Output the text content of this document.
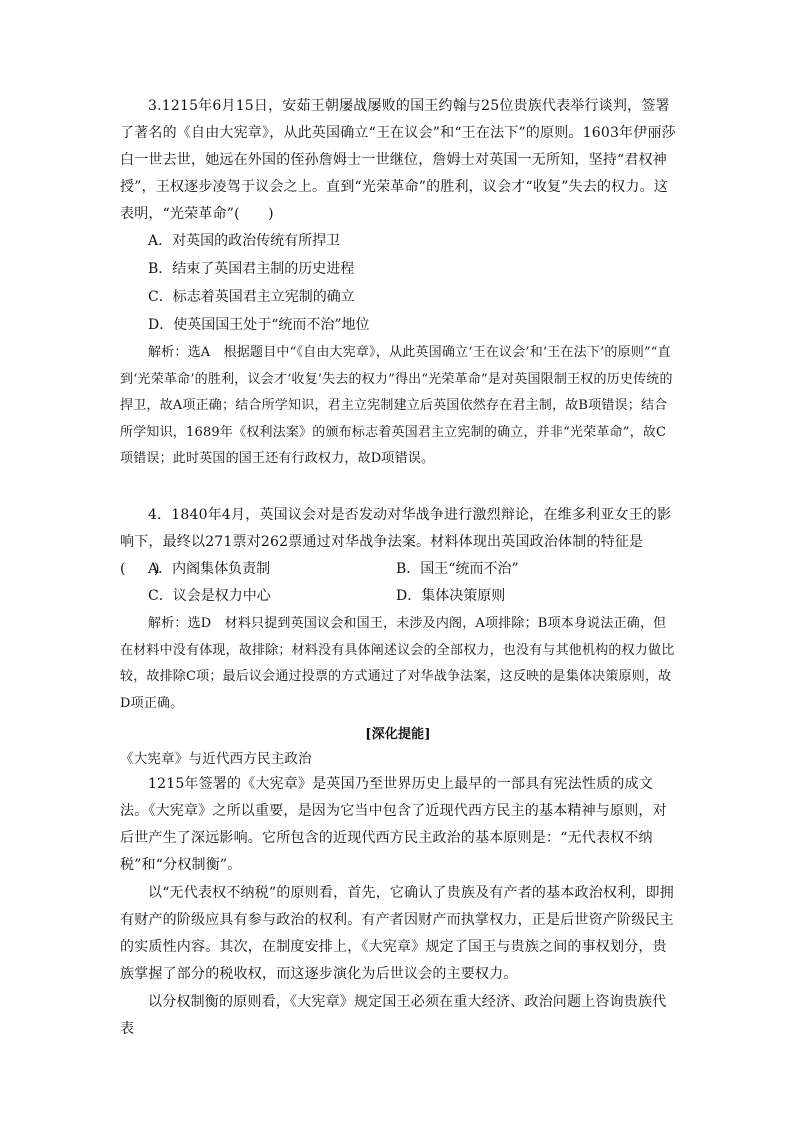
3.1215年6月15日，安茹王朝屡战屡败的国王约翰与25位贵族代表举行谈判，签署了著名的《自由大宪章》，从此英国确立“王在议会”和“王在法下”的原则。1603年伊丽莎白一世去世，她远在外国的侄孙詹姆士一世继位，詹姆士对英国一无所知，坚持“君权神授”，王权逐步凌驾于议会之上。直到“光荣革命”的胜利，议会才“收复”失去的权力。这表明，“光荣革命”(　　)

A．对英国的政治传统有所捍卫

B．结束了英国君主制的历史进程

C．标志着英国君主立宪制的确立

D．使英国国王处于“统而不治”地位

解析：选A　根据题目中“《自由大宪章》，从此英国确立‘王在议会’和‘王在法下’的原则”“直到‘光荣革命’的胜利，议会才‘收复’失去的权力”得出“光荣革命”是对英国限制王权的历史传统的捍卫，故A项正确；结合所学知识，君主立宪制建立后英国依然存在君主制，故B项错误；结合所学知识，1689年《权利法案》的颁布标志着英国君主立宪制的确立，并非“光荣革命”，故C项错误；此时英国的国王还有行政权力，故D项错误。

4．1840年4月，英国议会对是否发动对华战争进行激烈辩论，在维多利亚女王的影响下，最终以271票对262票通过对华战争法案。材料体现出英国政治体制的特征是(　　)

A．内阁集体负责制	B．国王“统而不治”

C．议会是权力中心	D．集体决策原则

解析：选D　材料只提到英国议会和国王，未涉及内阁，A项排除；B项本身说法正确，但在材料中没有体现，故排除；材料没有具体阐述议会的全部权力，也没有与其他机构的权力做比较，故排除C项；最后议会通过投票的方式通过了对华战争法案，这反映的是集体决策原则，故D项正确。

[深化提能]

《大宪章》与近代西方民主政治

1215年签署的《大宪章》是英国乃至世界历史上最早的一部具有宪法性质的成文法。《大宪章》之所以重要，是因为它当中包含了近现代西方民主的基本精神与原则，对后世产生了深远影响。它所包含的近现代西方民主政治的基本原则是：“无代表权不纳税”和“分权制衡”。

以“无代表权不纳税”的原则看，首先，它确认了贵族及有产者的基本政治权利，即拥有财产的阶级应具有参与政治的权利。有产者因财产而执掌权力，正是后世资产阶级民主的实质性内容。其次，在制度安排上，《大宪章》规定了国王与贵族之间的事权划分，贵族掌握了部分的税收权，而这逐步演化为后世议会的主要权力。

以分权制衡的原则看，《大宪章》规定国王必须在重大经济、政治问题上咨询贵族代表
